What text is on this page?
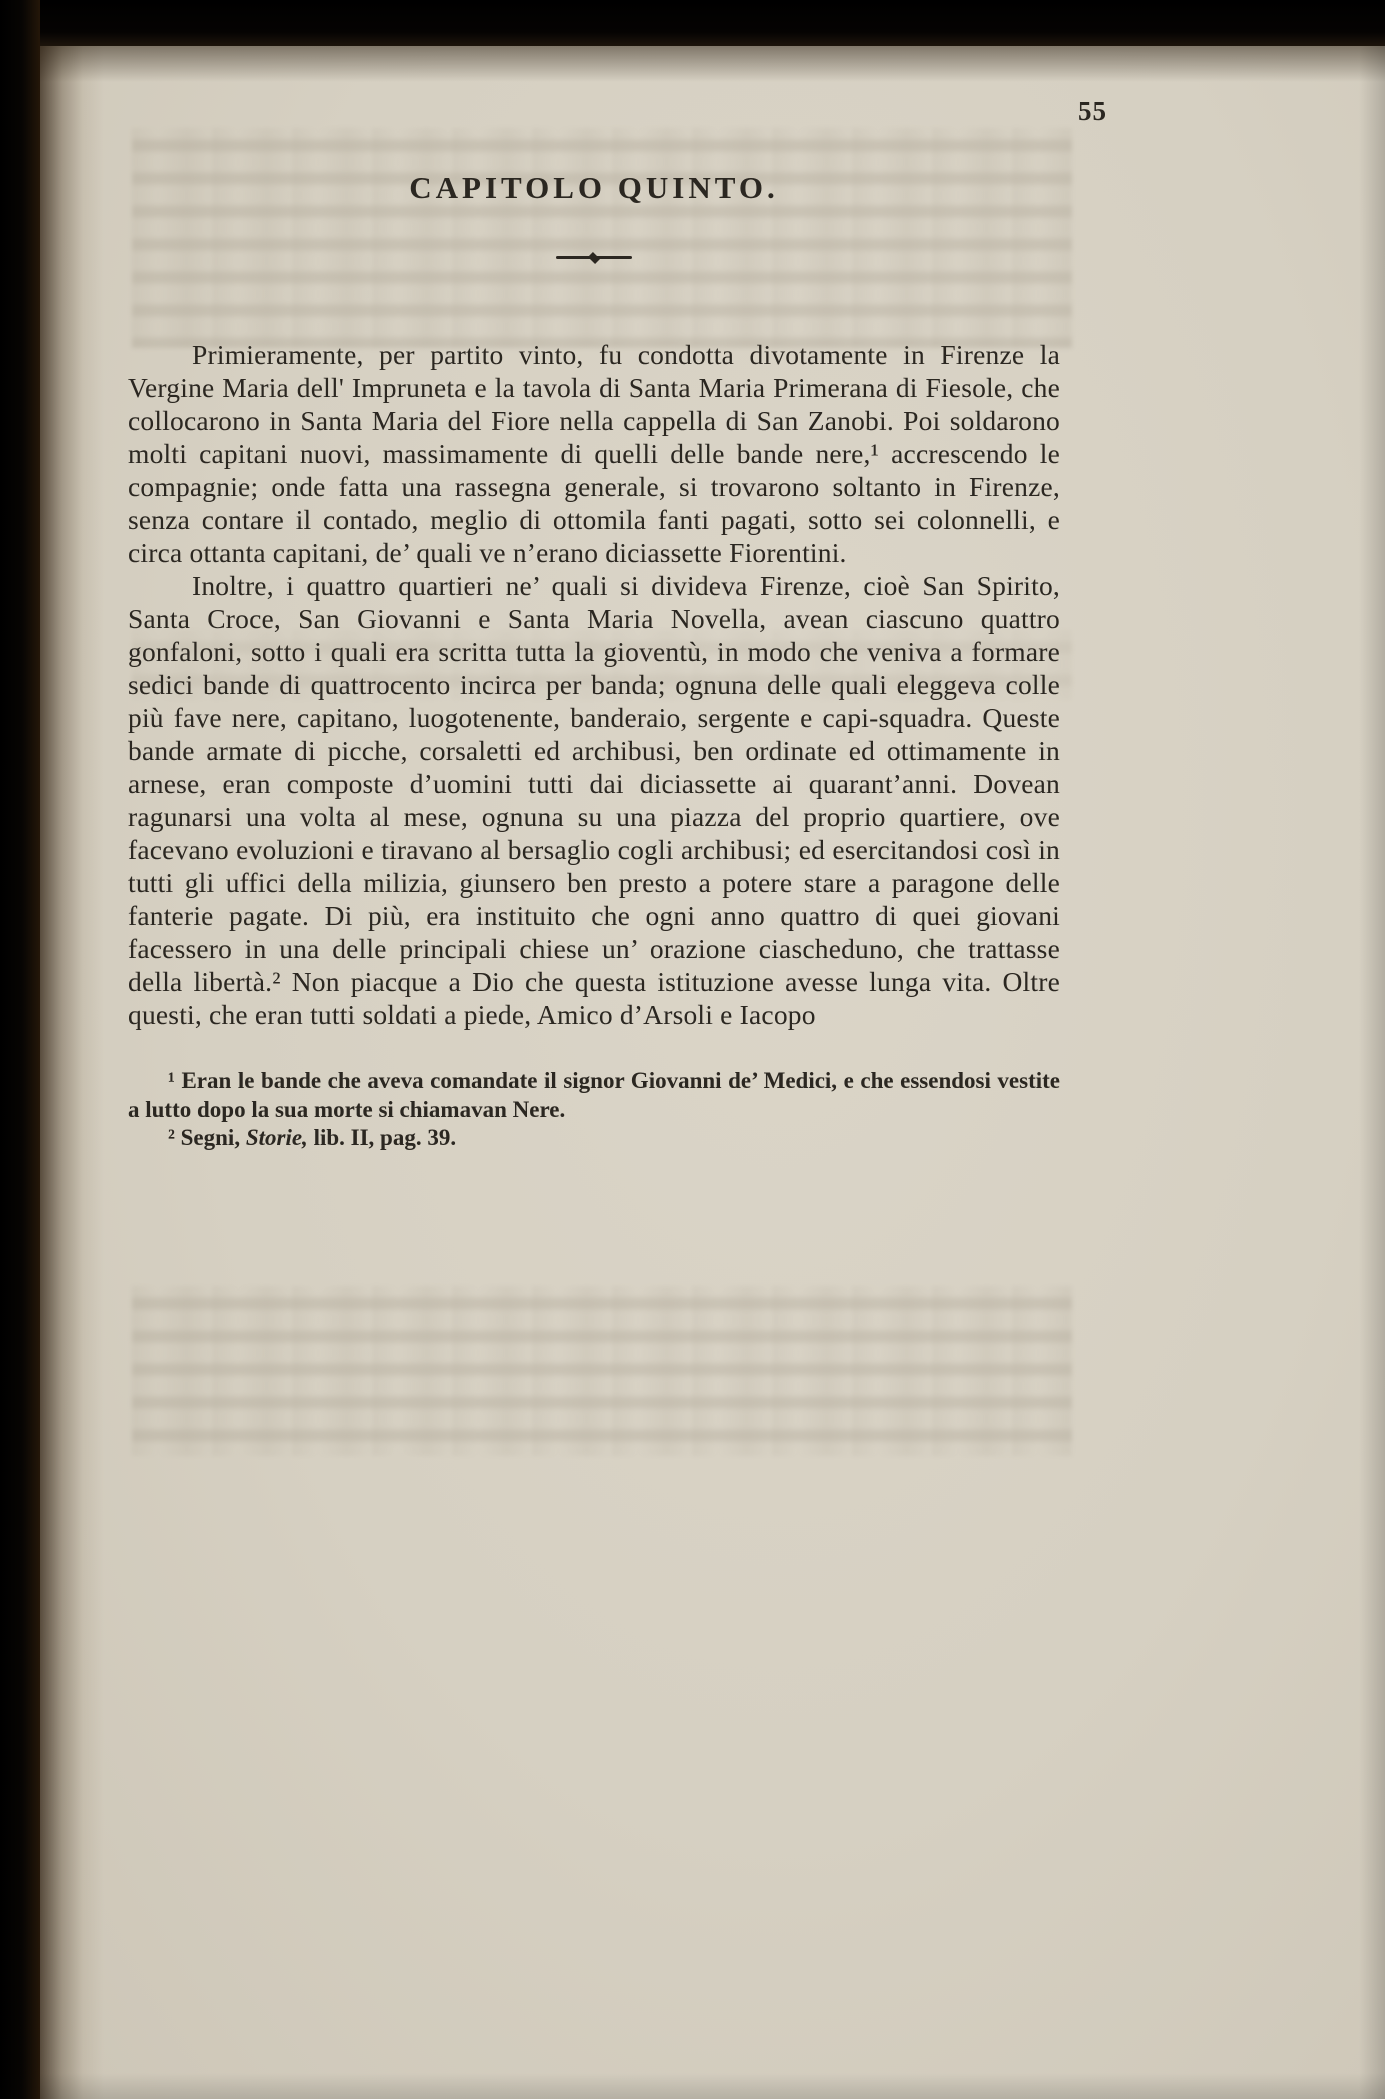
55
CAPITOLO QUINTO.

Primieramente, per partito vinto, fu condotta divotamente in Firenze la Vergine Maria dell' Impruneta e la tavola di Santa Maria Primerana di Fiesole, che collocarono in Santa Maria del Fiore nella cappella di San Zanobi. Poi soldarono molti capitani nuovi, massimamente di quelli delle bande nere,¹ accrescendo le compagnie; onde fatta una rassegna generale, si trovarono soltanto in Firenze, senza contare il contado, meglio di ottomila fanti pagati, sotto sei colonnelli, e circa ottanta capitani, de’ quali ve n’erano diciassette Fiorentini.

Inoltre, i quattro quartieri ne’ quali si divideva Firenze, cioè San Spirito, Santa Croce, San Giovanni e Santa Maria Novella, avean ciascuno quattro gonfaloni, sotto i quali era scritta tutta la gioventù, in modo che veniva a formare sedici bande di quattrocento incirca per banda; ognuna delle quali eleggeva colle più fave nere, capitano, luogotenente, banderaio, sergente e capi-squadra. Queste bande armate di picche, corsaletti ed archibusi, ben ordinate ed ottimamente in arnese, eran composte d’uomini tutti dai diciassette ai quarant’anni. Dovean ragunarsi una volta al mese, ognuna su una piazza del proprio quartiere, ove facevano evoluzioni e tiravano al bersaglio cogli archibusi; ed esercitandosi così in tutti gli uffici della milizia, giunsero ben presto a potere stare a paragone delle fanterie pagate. Di più, era instituito che ogni anno quattro di quei giovani facessero in una delle principali chiese un’ orazione ciascheduno, che trattasse della libertà.² Non piacque a Dio che questa istituzione avesse lunga vita. Oltre questi, che eran tutti soldati a piede, Amico d’Arsoli e Iacopo

¹ Eran le bande che aveva comandate il signor Giovanni de’ Medici, e che essendosi vestite a lutto dopo la sua morte si chiamavan Nere.

² Segni, Storie, lib. II, pag. 39.
